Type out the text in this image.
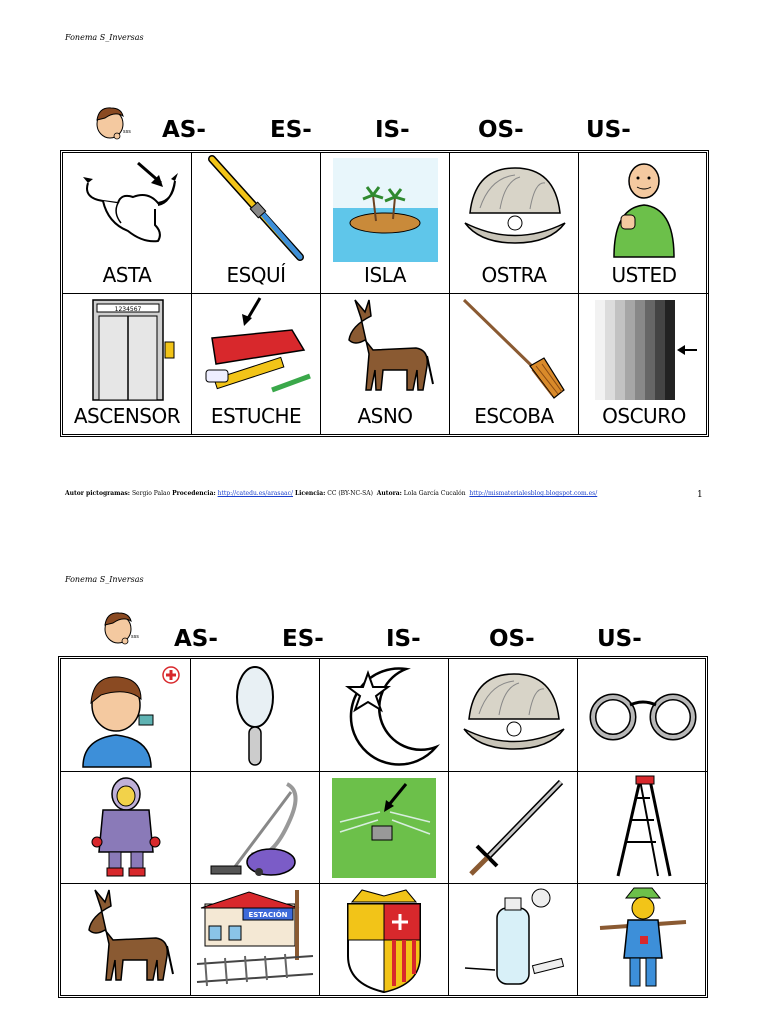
Fonema S_Inversas
sss AS-	ES-	IS-	OS-	US-
ASTA	ESQUÍ	ISLA	OSTRA	USTED
1234567
ASCENSOR	ESTUCHE	ASNO	ESCOBA	OSCURO
Autor pictogramas: Sergio Palao Procedencia: http://catedu.es/arasaac/ Licencia: CC (BY-NC-SA) Autora: Lola García Cucalón http://mismaterialesblog.blogspot.com.es/	1
Fonema S_Inversas
sss AS-	ES-	IS-	OS-	US-
ESTACIÓN
